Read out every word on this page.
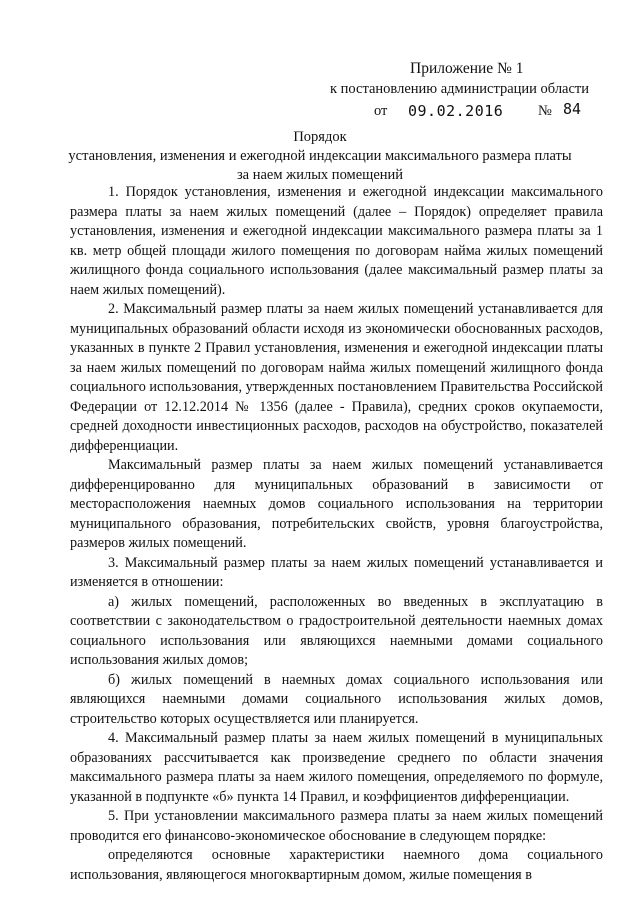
Приложение № 1
к постановлению администрации области
от 09.02.2016 № 84
Порядок
установления, изменения и ежегодной индексации максимального размера платы
за наем жилых помещений

1. Порядок установления, изменения и ежегодной индексации максимального размера платы за наем жилых помещений (далее – Порядок) определяет правила установления, изменения и ежегодной индексации максимального размера платы за 1 кв. метр общей площади жилого помещения по договорам найма жилых помещений жилищного фонда социального использования (далее максимальный размер платы за наем жилых помещений).

2. Максимальный размер платы за наем жилых помещений устанавливается для муниципальных образований области исходя из экономически обоснованных расходов, указанных в пункте 2 Правил установления, изменения и ежегодной индексации платы за наем жилых помещений по договорам найма жилых помещений жилищного фонда социального использования, утвержденных постановлением Правительства Российской Федерации от 12.12.2014 № 1356 (далее - Правила), средних сроков окупаемости, средней доходности инвестиционных расходов, расходов на обустройство, показателей дифференциации.

Максимальный размер платы за наем жилых помещений устанавливается дифференцированно для муниципальных образований в зависимости от месторасположения наемных домов социального использования на территории муниципального образования, потребительских свойств, уровня благоустройства, размеров жилых помещений.

3. Максимальный размер платы за наем жилых помещений устанавливается и изменяется в отношении:

а) жилых помещений, расположенных во введенных в эксплуатацию в соответствии с законодательством о градостроительной деятельности наемных домах социального использования или являющихся наемными домами социального использования жилых домов;

б) жилых помещений в наемных домах социального использования или являющихся наемными домами социального использования жилых домов, строительство которых осуществляется или планируется.

4. Максимальный размер платы за наем жилых помещений в муниципальных образованиях рассчитывается как произведение среднего по области значения максимального размера платы за наем жилого помещения, определяемого по формуле, указанной в подпункте «б» пункта 14 Правил, и коэффициентов дифференциации.

5. При установлении максимального размера платы за наем жилых помещений проводится его финансово-экономическое обоснование в следующем порядке:

определяются основные характеристики наемного дома социального использования, являющегося многоквартирным домом, жилые помещения в
